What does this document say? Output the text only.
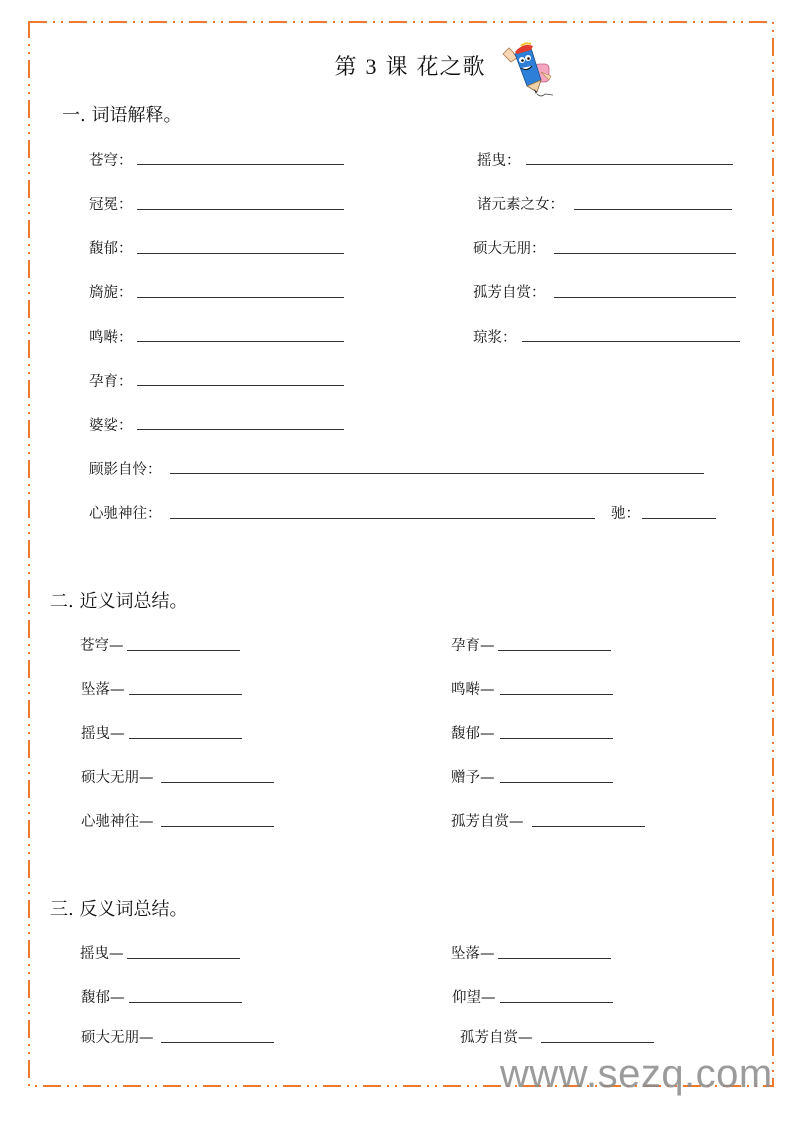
第 3 课 花之歌
一. 词语解释。
苍穹：
冠冕：
馥郁：
旖旎：
鸣啭：
孕育：
婆娑：
摇曳：
诸元素之女：
硕大无朋：
孤芳自赏：
琼浆：
顾影自怜：
心驰神往：	驰：
二. 近义词总结。
苍穹—
坠落—
摇曳—
硕大无朋—
心驰神往—
孕育—
鸣啭—
馥郁—
赠予—
孤芳自赏—
三. 反义词总结。
摇曳—
馥郁—
硕大无朋—
坠落—
仰望—
孤芳自赏—
www.sezq.com
